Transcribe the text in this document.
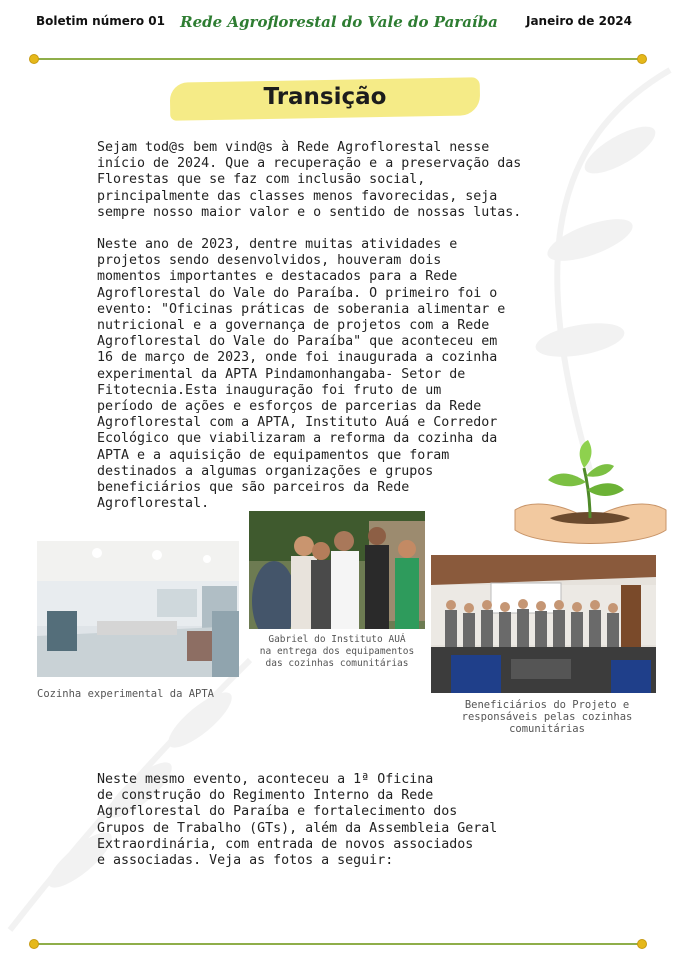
Boletim número 01	Rede Agroflorestal do Vale do Paraíba	Janeiro de 2024
Transição
Sejam tod@s bem vind@s à Rede Agroflorestal nesse
início de 2024. Que a recuperação e a preservação das
Florestas que se faz com inclusão social,
principalmente das classes menos favorecidas, seja
sempre nosso maior valor e o sentido de nossas lutas.
Neste ano de 2023, dentre muitas atividades e
projetos sendo desenvolvidos, houveram dois
momentos importantes e destacados para a Rede
Agroflorestal do Vale do Paraíba. O primeiro foi o
evento: "Oficinas práticas de soberania alimentar e
nutricional e a governança de projetos com a Rede
Agroflorestal do Vale do Paraíba" que aconteceu em
16 de março de 2023, onde foi inaugurada a cozinha
experimental da APTA Pindamonhangaba- Setor de
Fitotecnia.Esta inauguração foi fruto de um
período de ações e esforços de parcerias da Rede
Agroflorestal com a APTA, Instituto Auá e Corredor
Ecológico que viabilizaram a reforma da cozinha da
APTA e a aquisição de equipamentos que foram
destinados a algumas organizações e grupos
beneficiários que são parceiros da Rede
Agroflorestal.
Cozinha experimental da APTA
Gabriel do Instituto AUÁ
na entrega dos equipamentos
das cozinhas comunitárias
Beneficiários do Projeto e
responsáveis pelas cozinhas
comunitárias
Neste mesmo evento, aconteceu a 1ª Oficina
de construção do Regimento Interno da Rede
Agroflorestal do Paraíba e fortalecimento dos
Grupos de Trabalho (GTs), além da Assembleia Geral
Extraordinária, com entrada de novos associados
e associadas. Veja as fotos a seguir:
